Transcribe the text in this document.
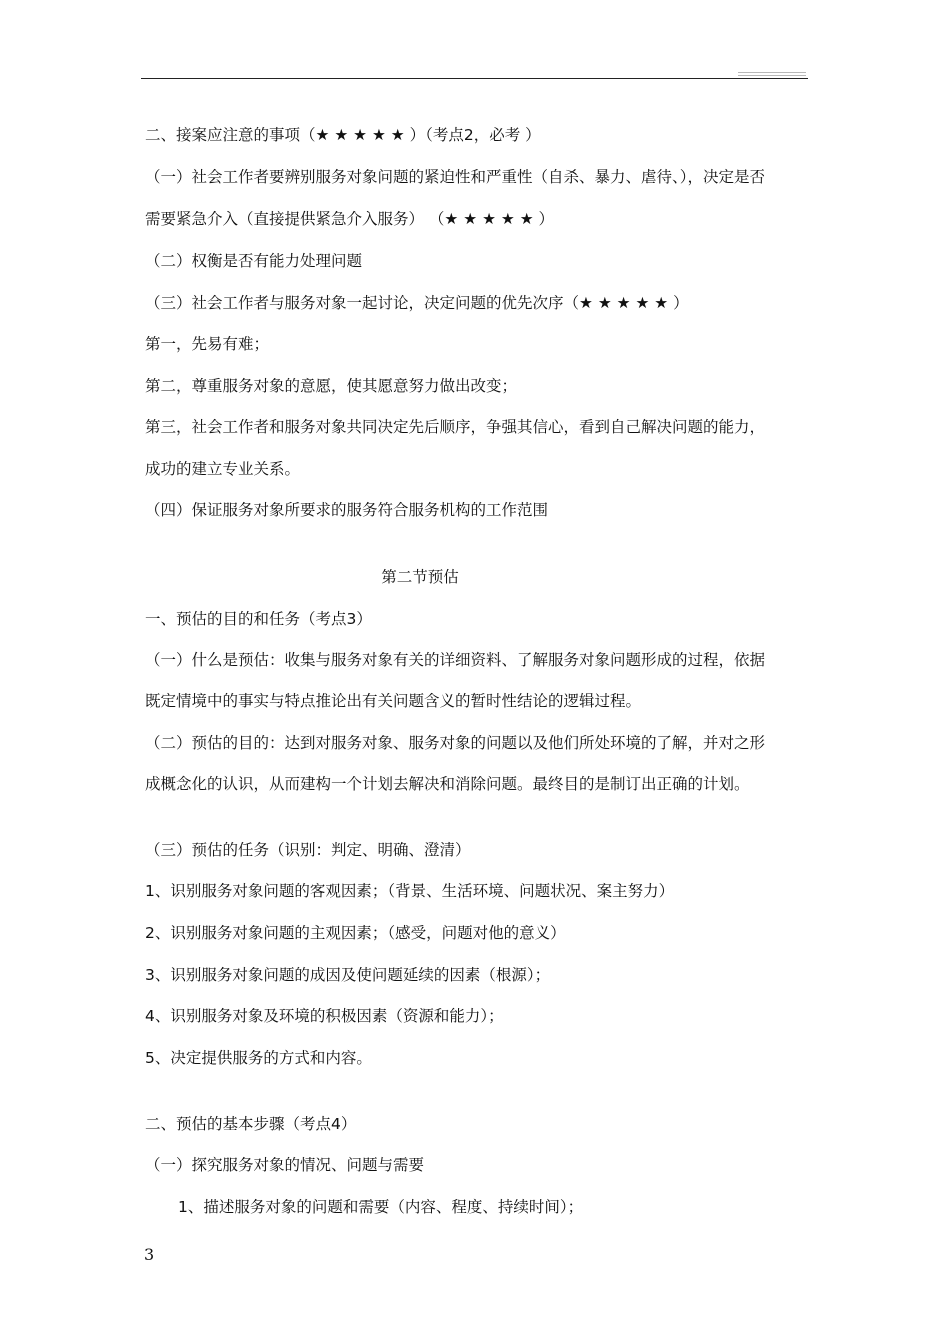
二、接案应注意的事项（★ ★ ★ ★ ★ ）（考点2，必考 ）
（一）社会工作者要辨别服务对象问题的紧迫性和严重性（自杀、暴力、虐待、），决定是否
需要紧急介入（直接提供紧急介入服务） （★ ★ ★ ★ ★ ）
（二）权衡是否有能力处理问题
（三）社会工作者与服务对象一起讨论，决定问题的优先次序（★ ★ ★ ★ ★ ）
第一，先易有难；
第二，尊重服务对象的意愿，使其愿意努力做出改变；
第三，社会工作者和服务对象共同决定先后顺序，争强其信心，看到自己解决问题的能力，
成功的建立专业关系。
（四）保证服务对象所要求的服务符合服务机构的工作范围
第二节预估
一、预估的目的和任务（考点3）
（一）什么是预估：收集与服务对象有关的详细资料、了解服务对象问题形成的过程，依据
既定情境中的事实与特点推论出有关问题含义的暂时性结论的逻辑过程。
（二）预估的目的：达到对服务对象、服务对象的问题以及他们所处环境的了解，并对之形
成概念化的认识，从而建构一个计划去解决和消除问题。最终目的是制订出正确的计划。
（三）预估的任务（识别：判定、明确、澄清）
1、识别服务对象问题的客观因素；（背景、生活环境、问题状况、案主努力）
2、识别服务对象问题的主观因素；（感受，问题对他的意义）
3、识别服务对象问题的成因及使问题延续的因素（根源）；
4、识别服务对象及环境的积极因素（资源和能力）；
5、决定提供服务的方式和内容。
二、预估的基本步骤（考点4）
（一）探究服务对象的情况、问题与需要
1、描述服务对象的问题和需要（内容、程度、持续时间）；
3
